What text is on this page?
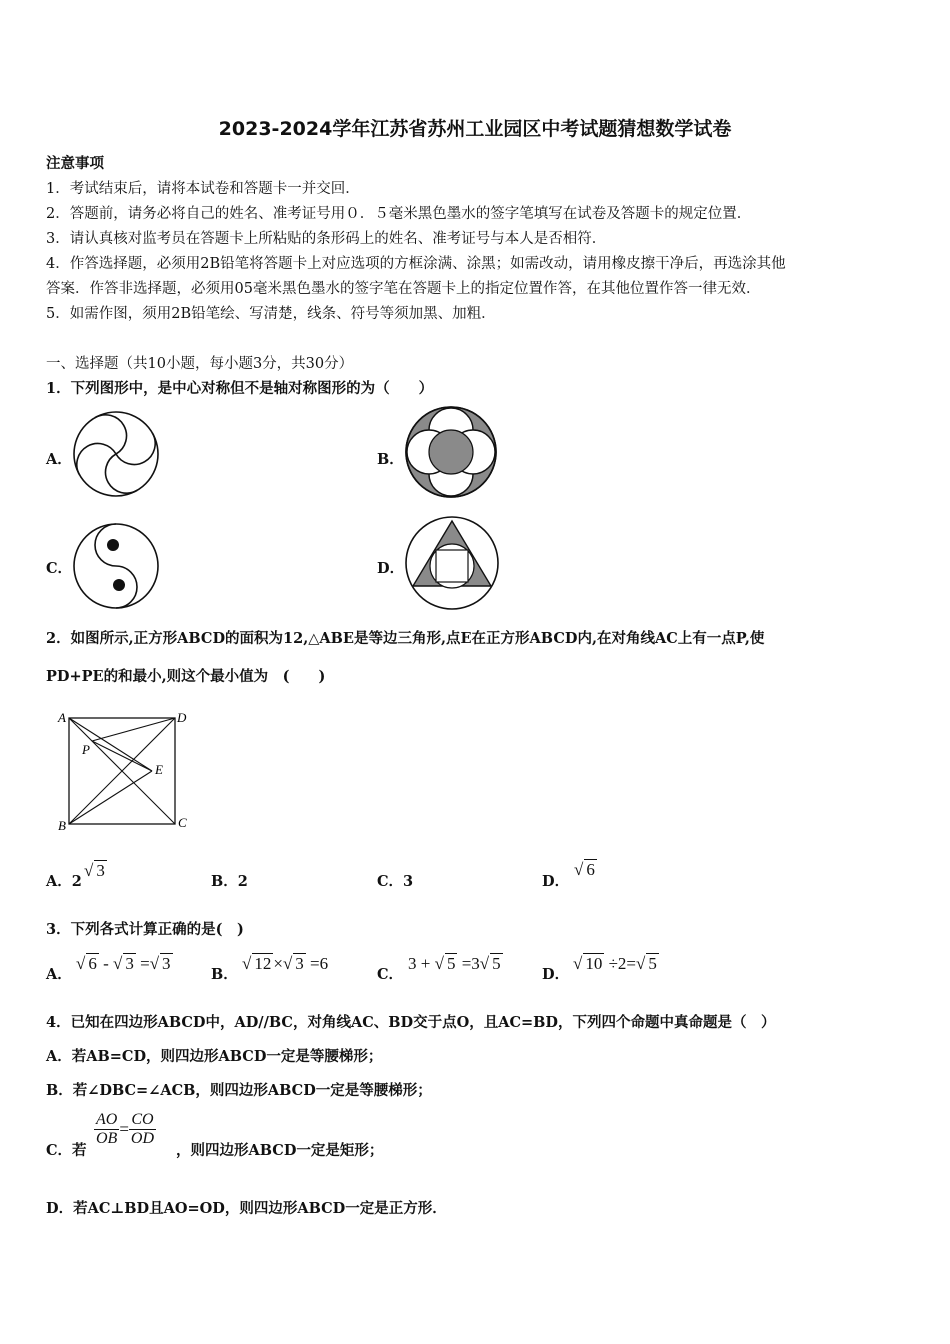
2023-2024学年江苏省苏州工业园区中考试题猜想数学试卷
注意事项
1．考试结束后，请将本试卷和答题卡一并交回．
2．答题前，请务必将自己的姓名、准考证号用０．５毫米黑色墨水的签字笔填写在试卷及答题卡的规定位置．
3．请认真核对监考员在答题卡上所粘贴的条形码上的姓名、准考证号与本人是否相符．
4．作答选择题，必须用2B铅笔将答题卡上对应选项的方框涂满、涂黑；如需改动，请用橡皮擦干净后，再选涂其他
答案．作答非选择题，必须用05毫米黑色墨水的签字笔在答题卡上的指定位置作答，在其他位置作答一律无效．
5．如需作图，须用2B铅笔绘、写清楚，线条、符号等须加黑、加粗．
一、选择题（共10小题，每小题3分，共30分）
1．下列图形中，是中心对称但不是轴对称图形的为（　　）
A．	B．
C．	D．
2．如图所示,正方形ABCD的面积为12,△ABE是等边三角形,点E在正方形ABCD内,在对角线AC上有一点P,使
PD+PE的和最小,则这个最小值为　(　　)
A	D
B	C
E
P
A．2
√ 3
B．2	C．3	D．
√ 6
3．下列各式计算正确的是(　)
A．
√ 6 - √ 3 =√ 3
B．
√ 12 ×√ 3 =6
C．
3 + √ 5 =3√ 5
D．
√ 10 ÷2=√ 5
4．已知在四边形ABCD中，AD//BC，对角线AC、BD交于点O，且AC=BD，下列四个命题中真命题是（　）
A．若AB=CD，则四边形ABCD一定是等腰梯形；
B．若∠DBC=∠ACB，则四边形ABCD一定是等腰梯形；
C．若
$\frac{AO}{OB} = \frac{CO}{OD}$
，则四边形ABCD一定是矩形；
D．若AC⊥BD且AO=OD，则四边形ABCD一定是正方形．
